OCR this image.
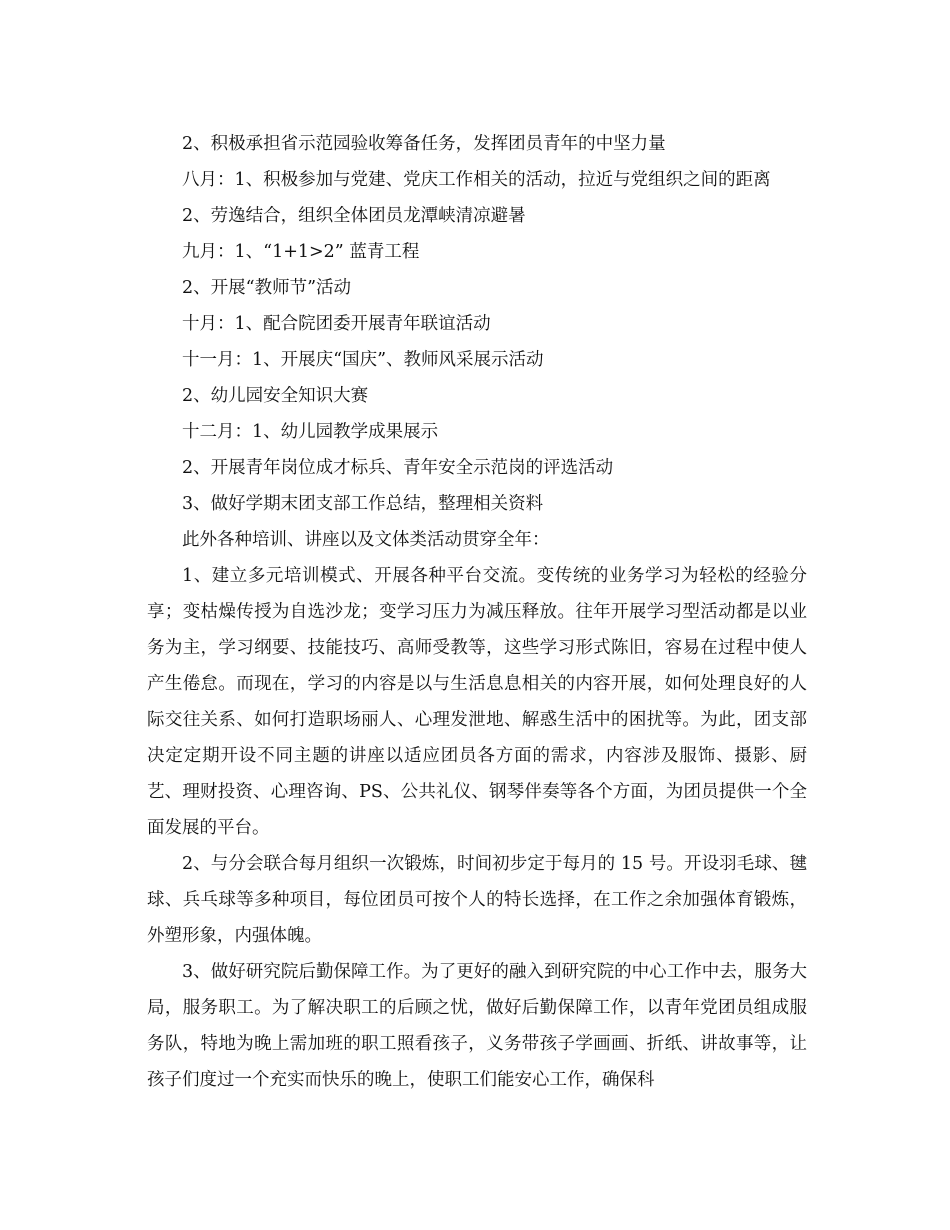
2、积极承担省示范园验收筹备任务，发挥团员青年的中坚力量
八月：1、积极参加与党建、党庆工作相关的活动，拉近与党组织之间的距离
2、劳逸结合，组织全体团员龙潭峡清凉避暑
九月：1、“1+1>2” 蓝青工程
2、开展“教师节”活动
十月：1、配合院团委开展青年联谊活动
十一月：1、开展庆“国庆”、教师风采展示活动
2、幼儿园安全知识大赛
十二月：1、幼儿园教学成果展示
2、开展青年岗位成才标兵、青年安全示范岗的评选活动
3、做好学期末团支部工作总结，整理相关资料
此外各种培训、讲座以及文体类活动贯穿全年：

1、建立多元培训模式、开展各种平台交流。变传统的业务学习为轻松的经验分享；变枯燥传授为自选沙龙；变学习压力为减压释放。往年开展学习型活动都是以业务为主，学习纲要、技能技巧、高师受教等，这些学习形式陈旧，容易在过程中使人产生倦怠。而现在，学习的内容是以与生活息息相关的内容开展，如何处理良好的人际交往关系、如何打造职场丽人、心理发泄地、解惑生活中的困扰等。为此，团支部决定定期开设不同主题的讲座以适应团员各方面的需求，内容涉及服饰、摄影、厨艺、理财投资、心理咨询、PS、公共礼仪、钢琴伴奏等各个方面，为团员提供一个全面发展的平台。

2、与分会联合每月组织一次锻炼，时间初步定于每月的 15 号。开设羽毛球、毽球、兵乓球等多种项目，每位团员可按个人的特长选择，在工作之余加强体育锻炼，外塑形象，内强体魄。

3、做好研究院后勤保障工作。为了更好的融入到研究院的中心工作中去，服务大局，服务职工。为了解决职工的后顾之忧，做好后勤保障工作，以青年党团员组成服务队，特地为晚上需加班的职工照看孩子，义务带孩子学画画、折纸、讲故事等，让孩子们度过一个充实而快乐的晚上，使职工们能安心工作，确保科
